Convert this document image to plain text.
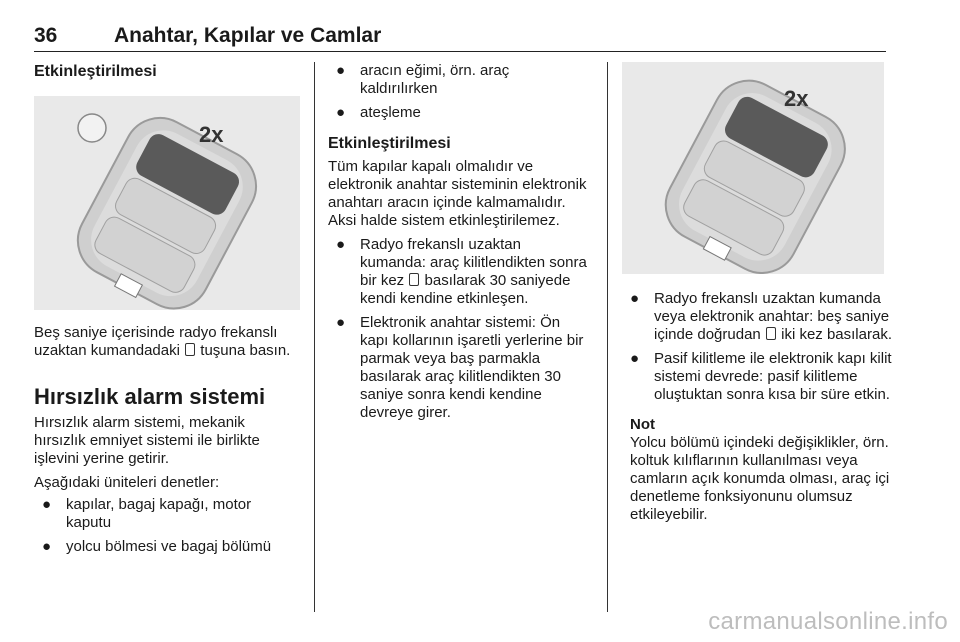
36	Anahtar, Kapılar ve Camlar
Etkinleştirilmesi
2x
Beş saniye içerisinde radyo frekanslı uzaktan kumandadaki tuşuna basın.
Hırsızlık alarm sistemi
Hırsızlık alarm sistemi, mekanik hırsızlık emniyet sistemi ile birlikte işlevini yerine getirir.
Aşağıdaki üniteleri denetler:
● kapılar, bagaj kapağı, motor kaputu
● yolcu bölmesi ve bagaj bölümü
● aracın eğimi, örn. araç kaldırılırken
● ateşleme
Etkinleştirilmesi
Tüm kapılar kapalı olmalıdır ve elektronik anahtar sisteminin elektronik anahtarı aracın içinde kalmamalıdır. Aksi halde sistem etkinleştirilemez.
● Radyo frekanslı uzaktan kumanda: araç kilitlendikten sonra bir kez basılarak 30 saniyede kendi kendine etkinleşen.
● Elektronik anahtar sistemi: Ön kapı kollarının işaretli yerlerine bir parmak veya baş parmakla basılarak araç kilitlendikten 30 saniye sonra kendi kendine devreye girer.
2x
● Radyo frekanslı uzaktan kumanda veya elektronik anahtar: beş saniye içinde doğrudan iki kez basılarak.
● Pasif kilitleme ile elektronik kapı kilit sistemi devrede: pasif kilitleme oluştuktan sonra kısa bir süre etkin.
Not
Yolcu bölümü içindeki değişiklikler, örn. koltuk kılıflarının kullanılması veya camların açık konumda olması, araç içi denetleme fonksiyonunu olumsuz etkileyebilir.
carmanualsonline.info
